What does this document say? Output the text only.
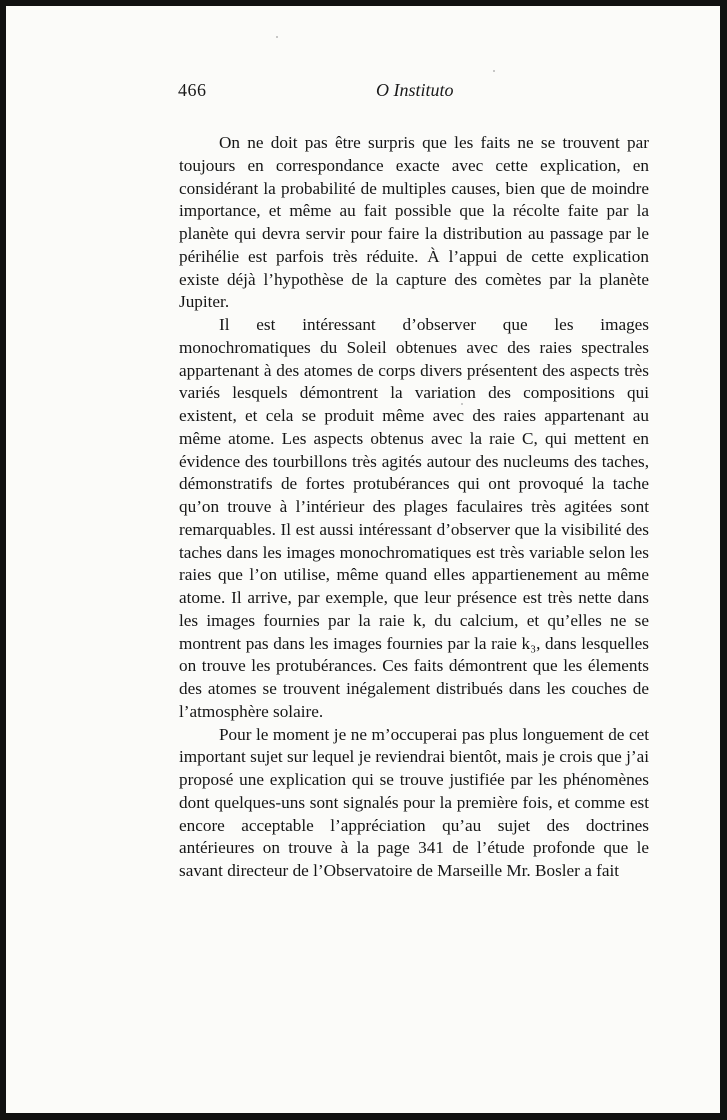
466	O Instituto

On ne doit pas être surpris que les faits ne se trouvent par toujours en correspondance exacte avec cette explication, en considérant la probabilité de multiples causes, bien que de moindre importance, et même au fait possible que la récolte faite par la planète qui devra servir pour faire la distribution au passage par le périhélie est parfois très réduite. À l’appui de cette explication existe déjà l’hypothèse de la capture des comètes par la planète Jupiter.

Il est intéressant d’observer que les images monochromatiques du Soleil obtenues avec des raies spectrales appartenant à des atomes de corps divers présentent des aspects très variés lesquels démontrent la variation des compositions qui existent, et cela se produit même avec des raies appartenant au même atome. Les aspects obtenus avec la raie C, qui mettent en évidence des tourbillons très agités autour des nucleums des taches, démonstratifs de fortes protubérances qui ont provoqué la tache qu’on trouve à l’intérieur des plages faculaires très agitées sont remarquables. Il est aussi intéressant d’observer que la visibilité des taches dans les images monochromatiques est très variable selon les raies que l’on utilise, même quand elles appartienement au même atome. Il arrive, par exemple, que leur présence est très nette dans les images fournies par la raie k, du calcium, et qu’elles ne se montrent pas dans les images fournies par la raie k₃, dans lesquelles on trouve les protubérances. Ces faits démontrent que les élements des atomes se trouvent inégalement distribués dans les couches de l’atmosphère solaire.

Pour le moment je ne m’occuperai pas plus longuement de cet important sujet sur lequel je reviendrai bientôt, mais je crois que j’ai proposé une explication qui se trouve justifiée par les phénomènes dont quelques-uns sont signalés pour la première fois, et comme est encore acceptable l’appréciation qu’au sujet des doctrines antérieures on trouve à la page 341 de l’étude profonde que le savant directeur de l’Observatoire de Marseille Mr. Bosler a fait
